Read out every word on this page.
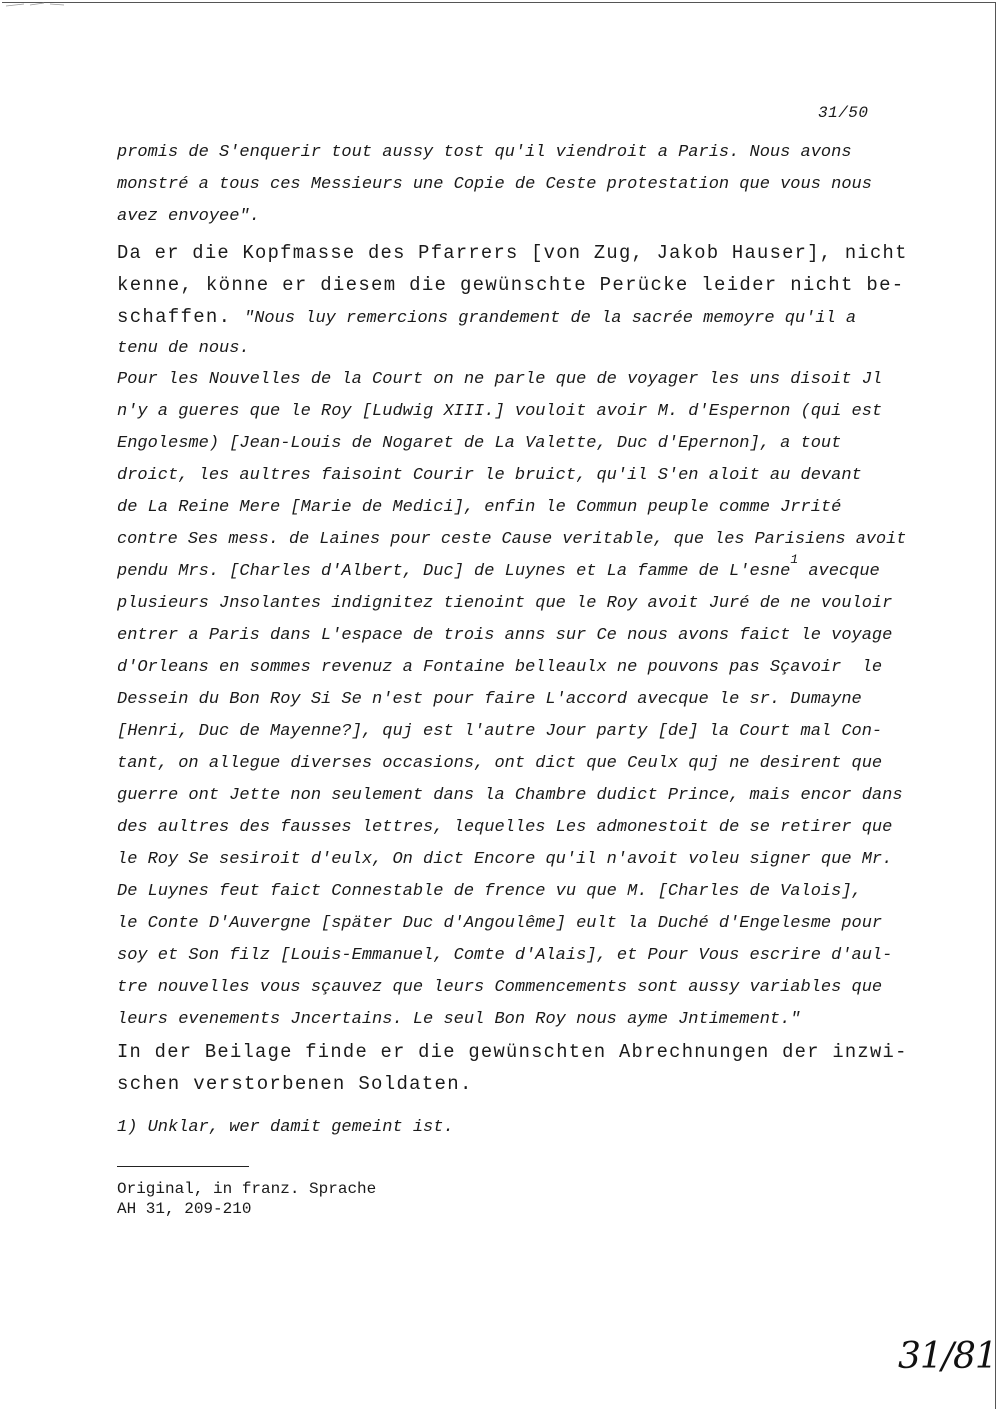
31/50
promis de S'enquerir tout aussy tost qu'il viendroit a Paris. Nous avons
monstré a tous ces Messieurs une Copie de Ceste protestation que vous nous
avez envoyee".
Da er die Kopfmasse des Pfarrers [von Zug, Jakob Hauser], nicht
kenne, könne er diesem die gewünschte Perücke leider nicht be-
schaffen. "Nous luy remercions grandement de la sacrée memoyre qu'il a
tenu de nous.
Pour les Nouvelles de la Court on ne parle que de voyager les uns disoit Jl
n'y a gueres que le Roy [Ludwig XIII.] vouloit avoir M. d'Espernon (qui est
Engolesme) [Jean-Louis de Nogaret de La Valette, Duc d'Epernon], a tout
droict, les aultres faisoint Courir le bruict, qu'il S'en aloit au devant
de La Reine Mere [Marie de Medici], enfin le Commun peuple comme Jrrité
contre Ses mess. de Laines pour ceste Cause veritable, que les Parisiens avoit
pendu Mrs. [Charles d'Albert, Duc] de Luynes et La famme de L'esne$^1$ avecque
plusieurs Jnsolantes indignitez tienoint que le Roy avoit Juré de ne vouloir
entrer a Paris dans L'espace de trois anns sur Ce nous avons faict le voyage
d'Orleans en sommes revenuz a Fontaine belleaulx ne pouvons pas Sçavoir  le
Dessein du Bon Roy Si Se n'est pour faire L'accord avecque le sr. Dumayne
[Henri, Duc de Mayenne?], quj est l'autre Jour party [de] la Court mal Con-
tant, on allegue diverses occasions, ont dict que Ceulx quj ne desirent que
guerre ont Jette non seulement dans la Chambre dudict Prince, mais encor dans
des aultres des fausses lettres, lequelles Les admonestoit de se retirer que
le Roy Se sesiroit d'eulx, On dict Encore qu'il n'avoit voleu signer que Mr.
De Luynes feut faict Connestable de frence vu que M. [Charles de Valois],
le Conte D'Auvergne [später Duc d'Angoulême] eult la Duché d'Engelesme pour
soy et Son filz [Louis-Emmanuel, Comte d'Alais], et Pour Vous escrire d'aul-
tre nouvelles vous sçauvez que leurs Commencements sont aussy variables que
leurs evenements Jncertains. Le seul Bon Roy nous ayme Jntimement."
In der Beilage finde er die gewünschten Abrechnungen der inzwi-
schen verstorbenen Soldaten.
1) Unklar, wer damit gemeint ist.
Original, in franz. Sprache
AH 31, 209-210
31/81
